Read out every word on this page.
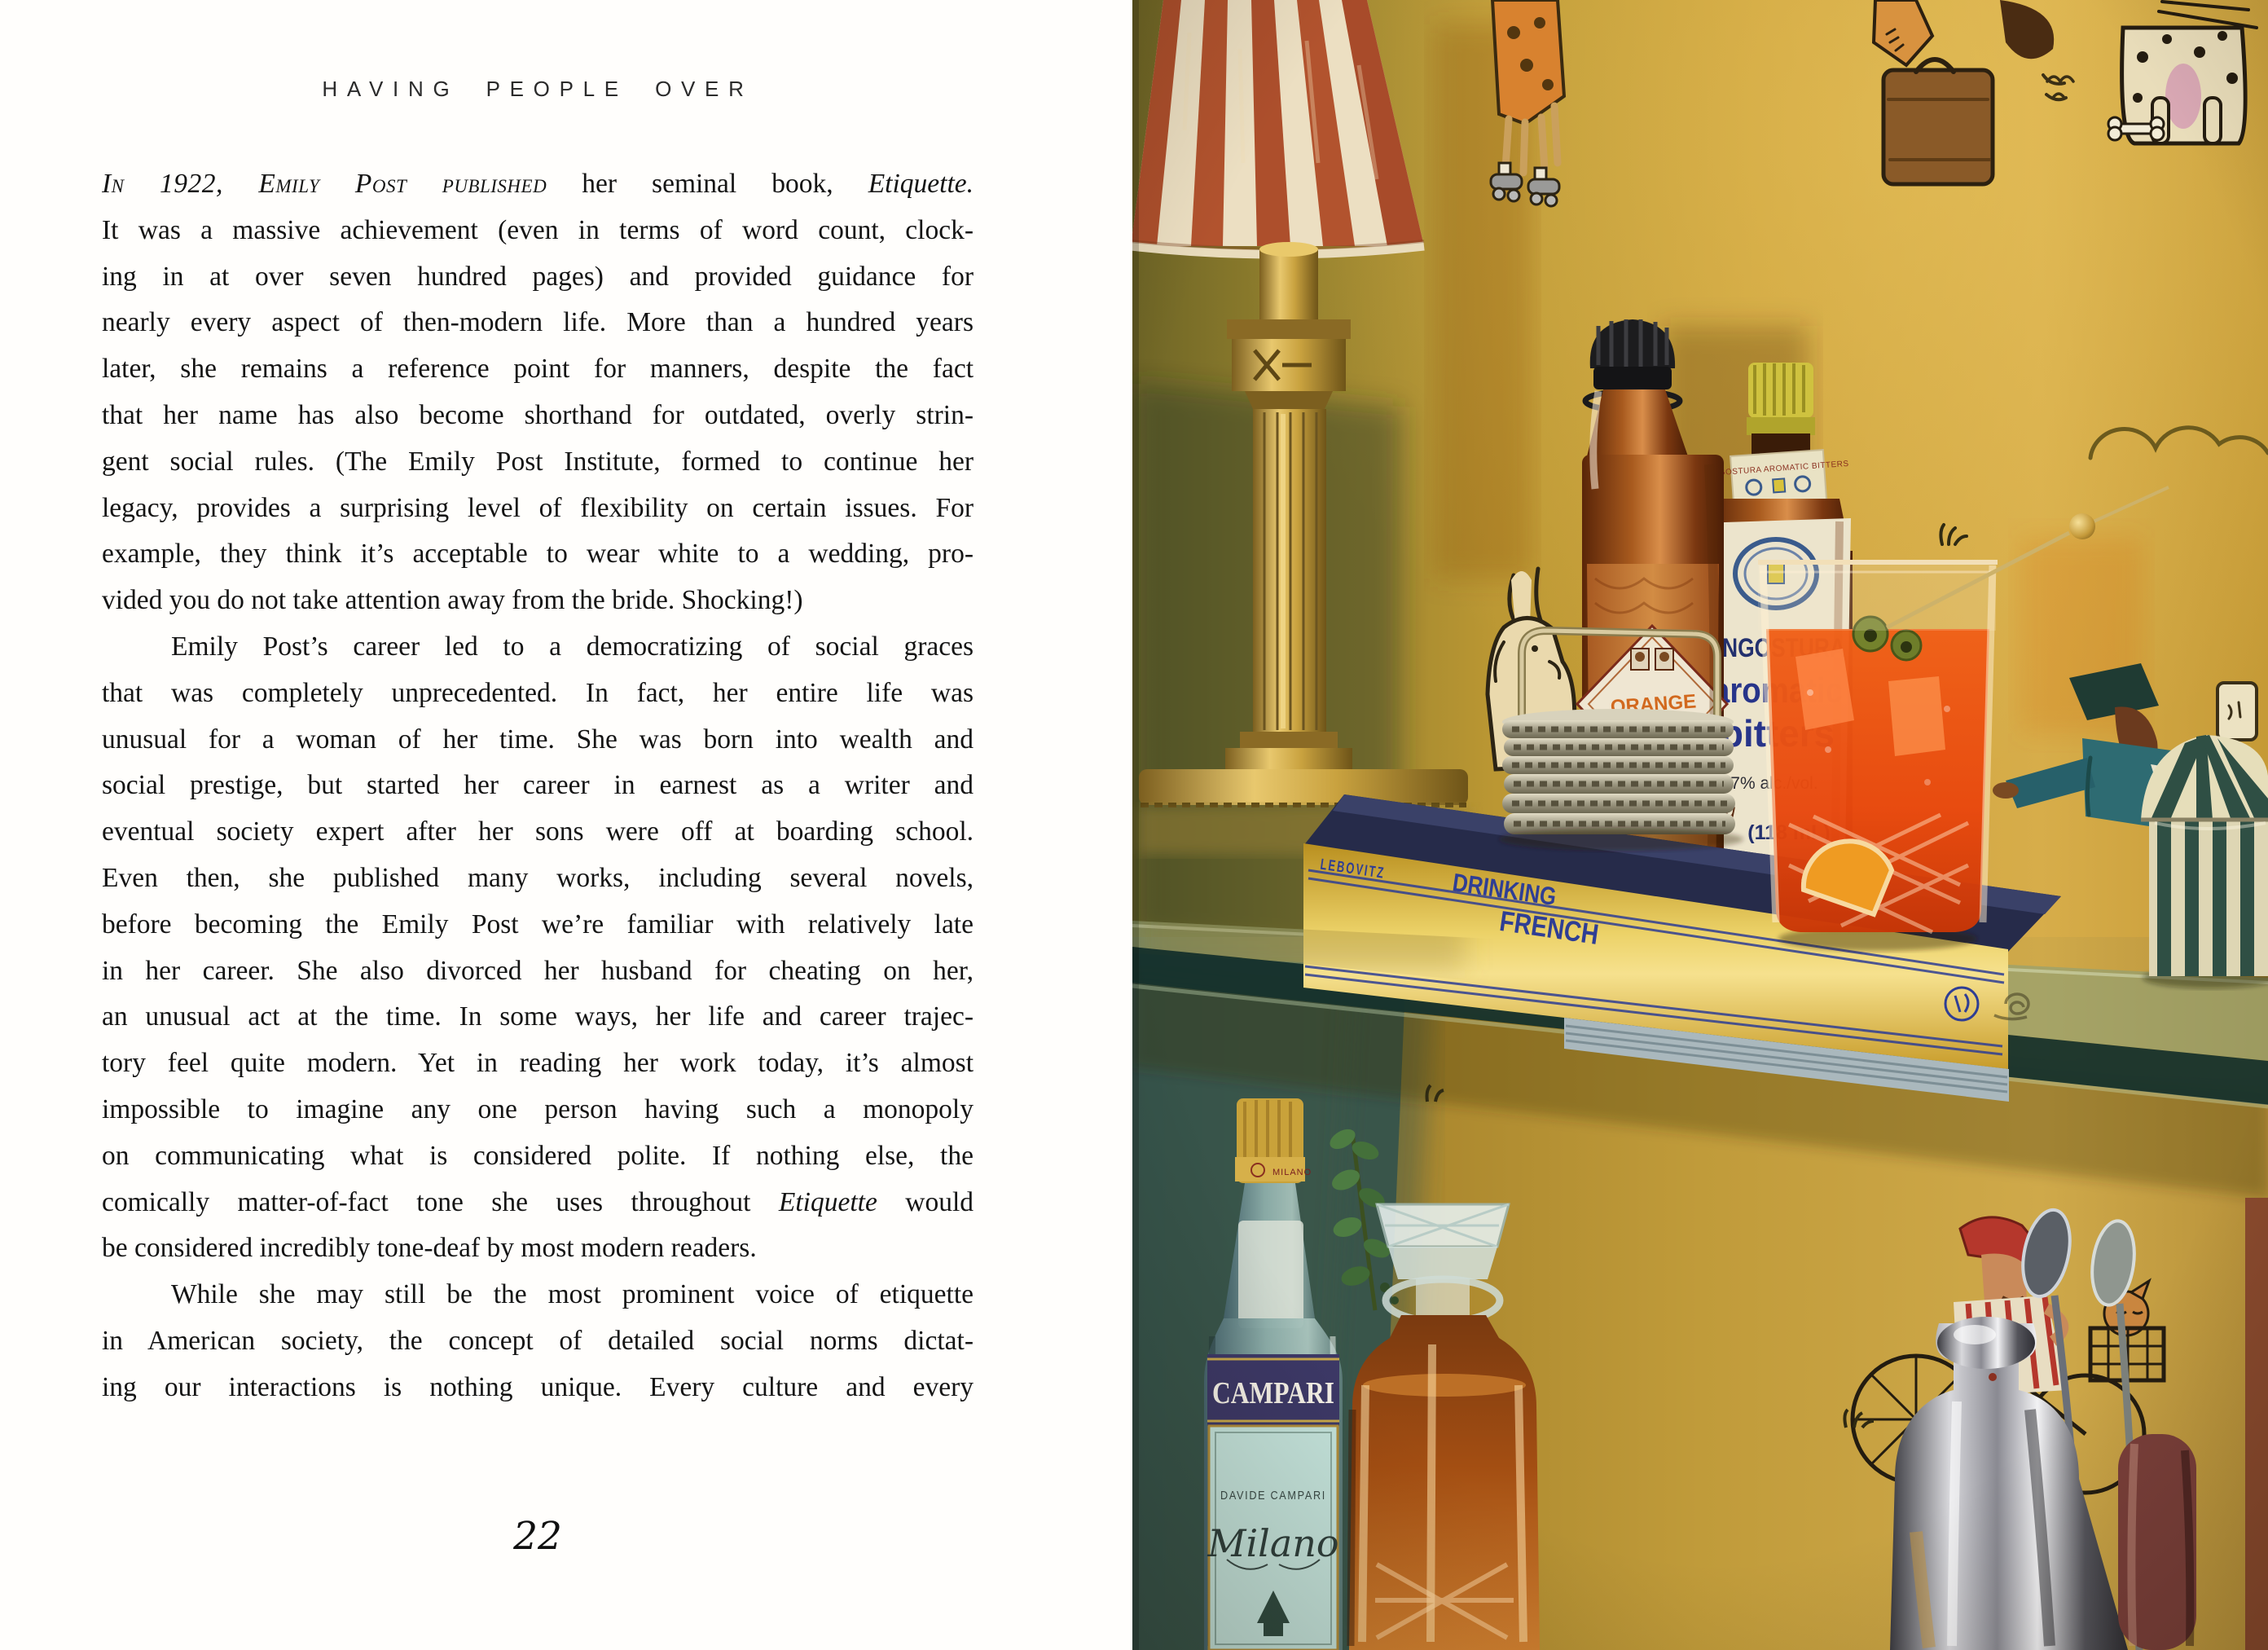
HAVING PEOPLE OVER
In 1922, Emily Post published her seminal book, Etiquette.
It was a massive achievement (even in terms of word count, clock-
ing in at over seven hundred pages) and provided guidance for
nearly every aspect of then-modern life. More than a hundred years
later, she remains a reference point for manners, despite the fact
that her name has also become shorthand for outdated, overly strin-
gent social rules. (The Emily Post Institute, formed to continue her
legacy, provides a surprising level of flexibility on certain issues. For
example, they think it’s acceptable to wear white to a wedding, pro-
vided you do not take attention away from the bride. Shocking!)
Emily Post’s career led to a democratizing of social graces
that was completely unprecedented. In fact, her entire life was
unusual for a woman of her time. She was born into wealth and
social prestige, but started her career in earnest as a writer and
eventual society expert after her sons were off at boarding school.
Even then, she published many works, including several novels,
before becoming the Emily Post we’re familiar with relatively late
in her career. She also divorced her husband for cheating on her,
an unusual act at the time. In some ways, her life and career trajec-
tory feel quite modern. Yet in reading her work today, it’s almost
impossible to imagine any one person having such a monopoly
on communicating what is considered polite. If nothing else, the
comically matter-of-fact tone she uses throughout Etiquette would
be considered incredibly tone-deaf by most modern readers.
While she may still be the most prominent voice of etiquette
in American society, the concept of detailed social norms dictat-
ing our interactions is nothing unique. Every culture and every
22
